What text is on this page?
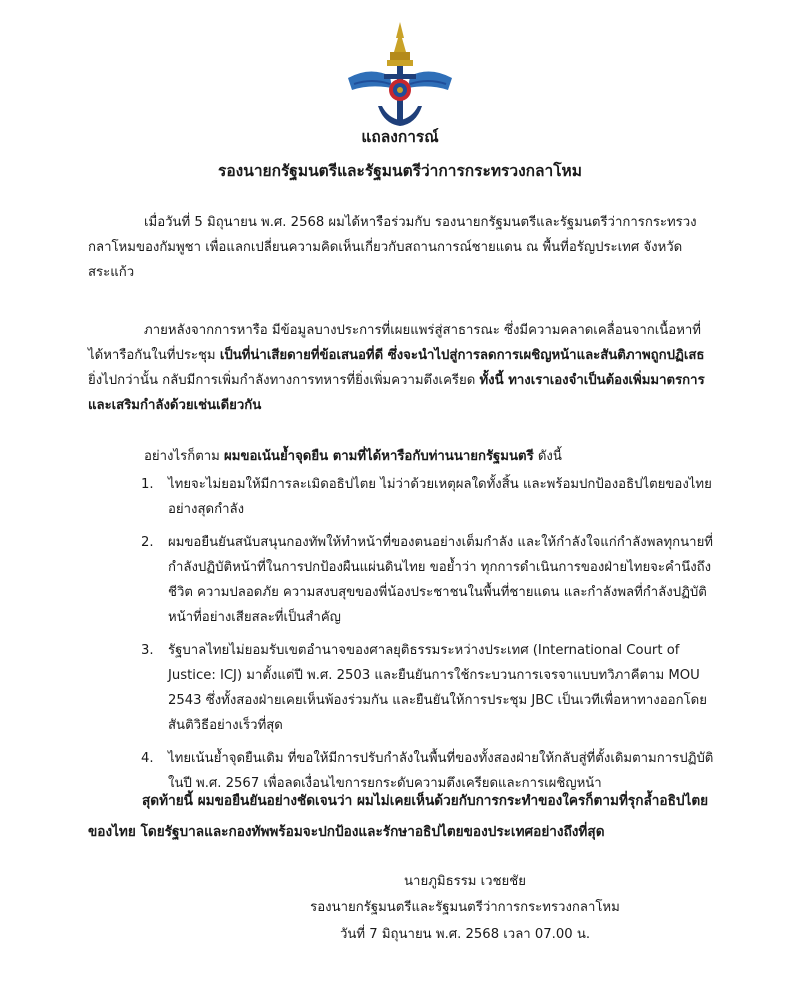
แถลงการณ์
รองนายกรัฐมนตรีและรัฐมนตรีว่าการกระทรวงกลาโหม

เมื่อวันที่ 5 มิถุนายน พ.ศ. 2568 ผมได้หารือร่วมกับ รองนายกรัฐมนตรีและรัฐมนตรีว่าการกระทรวงกลาโหมของกัมพูชา เพื่อแลกเปลี่ยนความคิดเห็นเกี่ยวกับสถานการณ์ชายแดน ณ พื้นที่อรัญประเทศ จังหวัดสระแก้ว

ภายหลังจากการหารือ มีข้อมูลบางประการที่เผยแพร่สู่สาธารณะ ซึ่งมีความคลาดเคลื่อนจากเนื้อหาที่ได้หารือกันในที่ประชุม เป็นที่น่าเสียดายที่ข้อเสนอที่ดี ซึ่งจะนำไปสู่การลดการเผชิญหน้าและสันติภาพถูกปฏิเสธ ยิ่งไปกว่านั้น กลับมีการเพิ่มกำลังทางการทหารที่ยิ่งเพิ่มความตึงเครียด ทั้งนี้ ทางเราเองจำเป็นต้องเพิ่มมาตรการและเสริมกำลังด้วยเช่นเดียวกัน

อย่างไรก็ตาม ผมขอเน้นย้ำจุดยืน ตามที่ได้หารือกับท่านนายกรัฐมนตรี ดังนี้
1. ไทยจะไม่ยอมให้มีการละเมิดอธิปไตย ไม่ว่าด้วยเหตุผลใดทั้งสิ้น และพร้อมปกป้องอธิปไตยของไทยอย่างสุดกำลัง
2. ผมขอยืนยันสนับสนุนกองทัพให้ทำหน้าที่ของตนอย่างเต็มกำลัง และให้กำลังใจแก่กำลังพลทุกนายที่กำลังปฏิบัติหน้าที่ในการปกป้องผืนแผ่นดินไทย ขอย้ำว่า ทุกการดำเนินการของฝ่ายไทยจะคำนึงถึงชีวิต ความปลอดภัย ความสงบสุขของพี่น้องประชาชนในพื้นที่ชายแดน และกำลังพลที่กำลังปฏิบัติหน้าที่อย่างเสียสละที่เป็นสำคัญ
3. รัฐบาลไทยไม่ยอมรับเขตอำนาจของศาลยุติธรรมระหว่างประเทศ (International Court of Justice: ICJ) มาตั้งแต่ปี พ.ศ. 2503 และยืนยันการใช้กระบวนการเจรจาแบบทวิภาคีตาม MOU 2543 ซึ่งทั้งสองฝ่ายเคยเห็นพ้องร่วมกัน และยืนยันให้การประชุม JBC เป็นเวทีเพื่อหาทางออกโดยสันติวิธีอย่างเร็วที่สุด
4. ไทยเน้นย้ำจุดยืนเดิม ที่ขอให้มีการปรับกำลังในพื้นที่ของทั้งสองฝ่ายให้กลับสู่ที่ตั้งเดิมตามการปฏิบัติในปี พ.ศ. 2567 เพื่อลดเงื่อนไขการยกระดับความตึงเครียดและการเผชิญหน้า
สุดท้ายนี้ ผมขอยืนยันอย่างชัดเจนว่า ผมไม่เคยเห็นด้วยกับการกระทำของใครก็ตามที่รุกล้ำอธิปไตยของไทย โดยรัฐบาลและกองทัพพร้อมจะปกป้องและรักษาอธิปไตยของประเทศอย่างถึงที่สุด
นายภูมิธรรม เวชยชัย
รองนายกรัฐมนตรีและรัฐมนตรีว่าการกระทรวงกลาโหม
วันที่ 7 มิถุนายน พ.ศ. 2568 เวลา 07.00 น.
